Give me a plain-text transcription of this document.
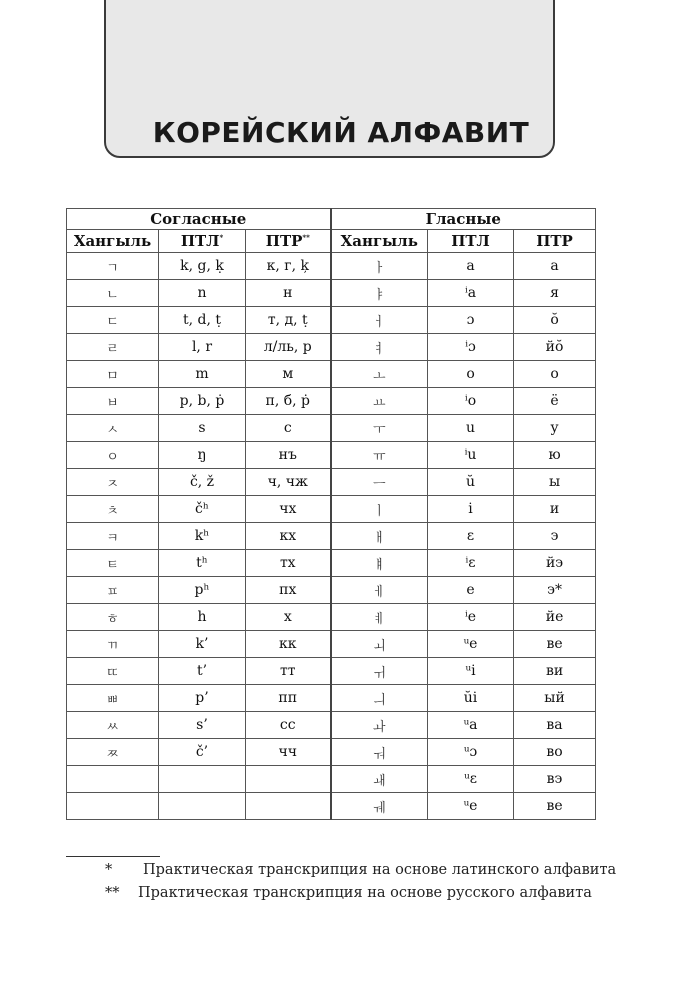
КОРЕЙСКИЙ АЛФАВИТ
Согласные			Гласные		
Хангыль	ПТЛ*	ПТР**	Хангыль	ПТЛ	ПТР
ㄱ	k, g, ḳ	к, г, ķ	ㅏ	a	а
ㄴ	n	н	ㅑ	ⁱa	я
ㄷ	t, d, ṭ	т, д, ṭ	ㅓ	ɔ	ŏ
ㄹ	l, r	л/ль, р	ㅕ	ⁱɔ	йŏ
ㅁ	m	м	ㅗ	o	о
ㅂ	p, b, ṗ	п, б, ṗ	ㅛ	ⁱo	ё
ㅅ	s	с	ㅜ	u	у
ㅇ	ŋ	нъ	ㅠ	ⁱu	ю
ㅈ	č, ž	ч, чж	ㅡ	ŭ	ы
ㅊ	čʰ	чх	ㅣ	i	и
ㅋ	kʰ	кх	ㅐ	ɛ	э
ㅌ	tʰ	тх	ㅒ	ⁱɛ	йэ
ㅍ	pʰ	пх	ㅔ	e	э*
ㅎ	h	х	ㅖ	ⁱe	йе
ㄲ	k’	кк	ㅚ	ᵘe	ве
ㄸ	t’	тт	ㅟ	ᵘi	ви
ㅃ	p’	пп	ㅢ	ŭi	ый
ㅆ	s’	сс	ㅘ	ᵘa	ва
ㅉ	č’	чч	ㅝ	ᵘɔ	во
			ㅙ	ᵘɛ	вэ
			ㅞ	ᵘe	ве
* Практическая транскрипция на основе латинского алфавита
** Практическая транскрипция на основе русского алфавита
